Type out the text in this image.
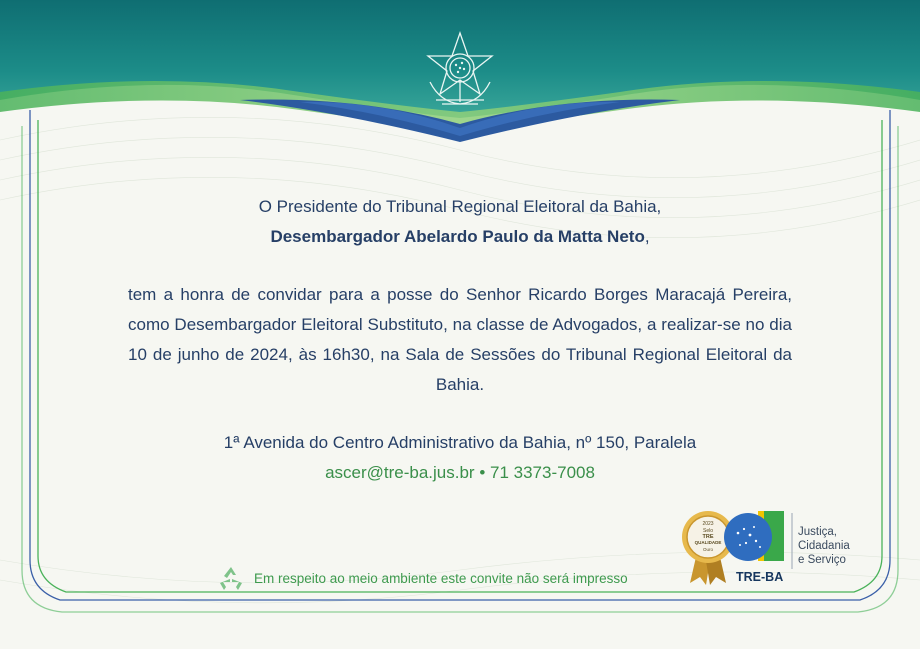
O Presidente do Tribunal Regional Eleitoral da Bahia,
Desembargador Abelardo Paulo da Matta Neto,
tem a honra de convidar para a posse do Senhor Ricardo Borges Maracajá Pereira, como Desembargador Eleitoral Substituto, na classe de Advogados, a realizar-se no dia 10 de junho de 2024, às 16h30, na Sala de Sessões do Tribunal Regional Eleitoral da Bahia.
1ª Avenida do Centro Administrativo da Bahia, nº 150, Paralela
ascer@tre-ba.jus.br • 71 3373-7008
Em respeito ao meio ambiente este convite não será impresso
2023
Selo
TRE
QUALIDADE
Ouro
TRE-BA
Justiça,
Cidadania
e Serviço
